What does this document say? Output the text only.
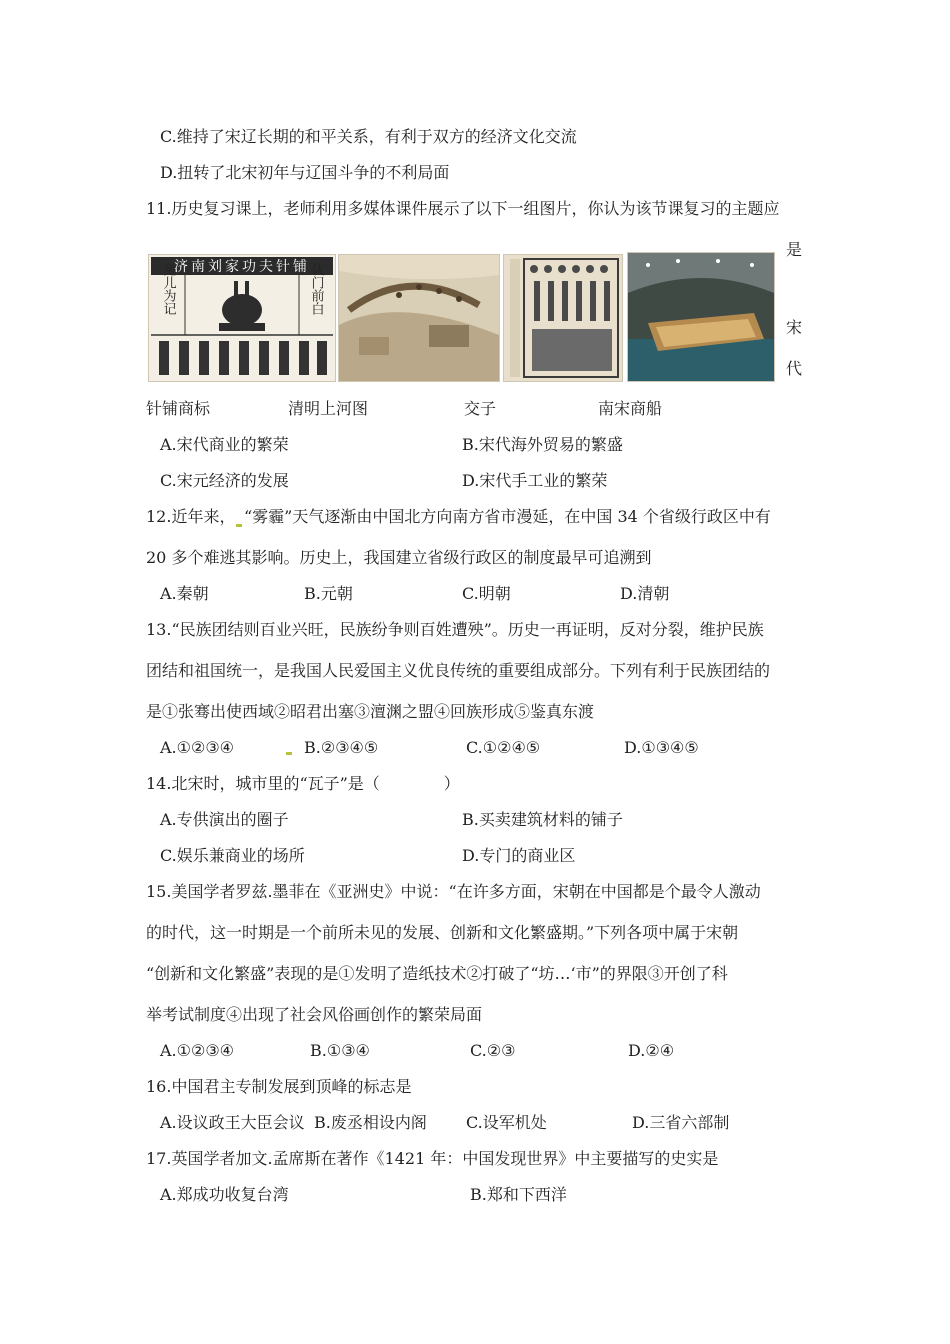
C.维持了宋辽长期的和平关系，有利于双方的经济文化交流
D.扭转了北宋初年与辽国斗争的不利局面
11.历史复习课上，老师利用多媒体课件展示了以下一组图片，你认为该节课复习的主题应
是
宋
代
济南刘家功夫针铺
兔儿为记	认门前白
针铺商标	清明上河图	交子	南宋商船
A.宋代商业的繁荣	B.宋代海外贸易的繁盛
C.宋元经济的发展	D.宋代手工业的繁荣
12.近年来， “雾霾”天气逐渐由中国北方向南方省市漫延，在中国 34 个省级行政区中有
20 多个难逃其影响。历史上，我国建立省级行政区的制度最早可追溯到
A.秦朝	B.元朝	C.明朝	D.清朝
13.“民族团结则百业兴旺，民族纷争则百姓遭殃”。历史一再证明，反对分裂，维护民族
团结和祖国统一，是我国人民爱国主义优良传统的重要组成部分。下列有利于民族团结的
是①张骞出使西域②昭君出塞③澶渊之盟④回族形成⑤鉴真东渡
A.①②③④	B.②③④⑤	C.①②④⑤	D.①③④⑤
14.北宋时，城市里的“瓦子”是（　　　　）
A.专供演出的圈子	B.买卖建筑材料的铺子
C.娱乐兼商业的场所	D.专门的商业区
15.美国学者罗兹.墨菲在《亚洲史》中说：“在许多方面，宋朝在中国都是个最令人激动
的时代，这一时期是一个前所未见的发展、创新和文化繁盛期。”下列各项中属于宋朝
“创新和文化繁盛”表现的是①发明了造纸技术②打破了“坊…‘市”的界限③开创了科
举考试制度④出现了社会风俗画创作的繁荣局面
A.①②③④	B.①③④	C.②③	D.②④
16.中国君主专制发展到顶峰的标志是
A.设议政王大臣会议 B.废丞相设内阁 C.设军机处	D.三省六部制
17.英国学者加文.孟席斯在著作《1421 年：中国发现世界》中主要描写的史实是
A.郑成功收复台湾	B.郑和下西洋
